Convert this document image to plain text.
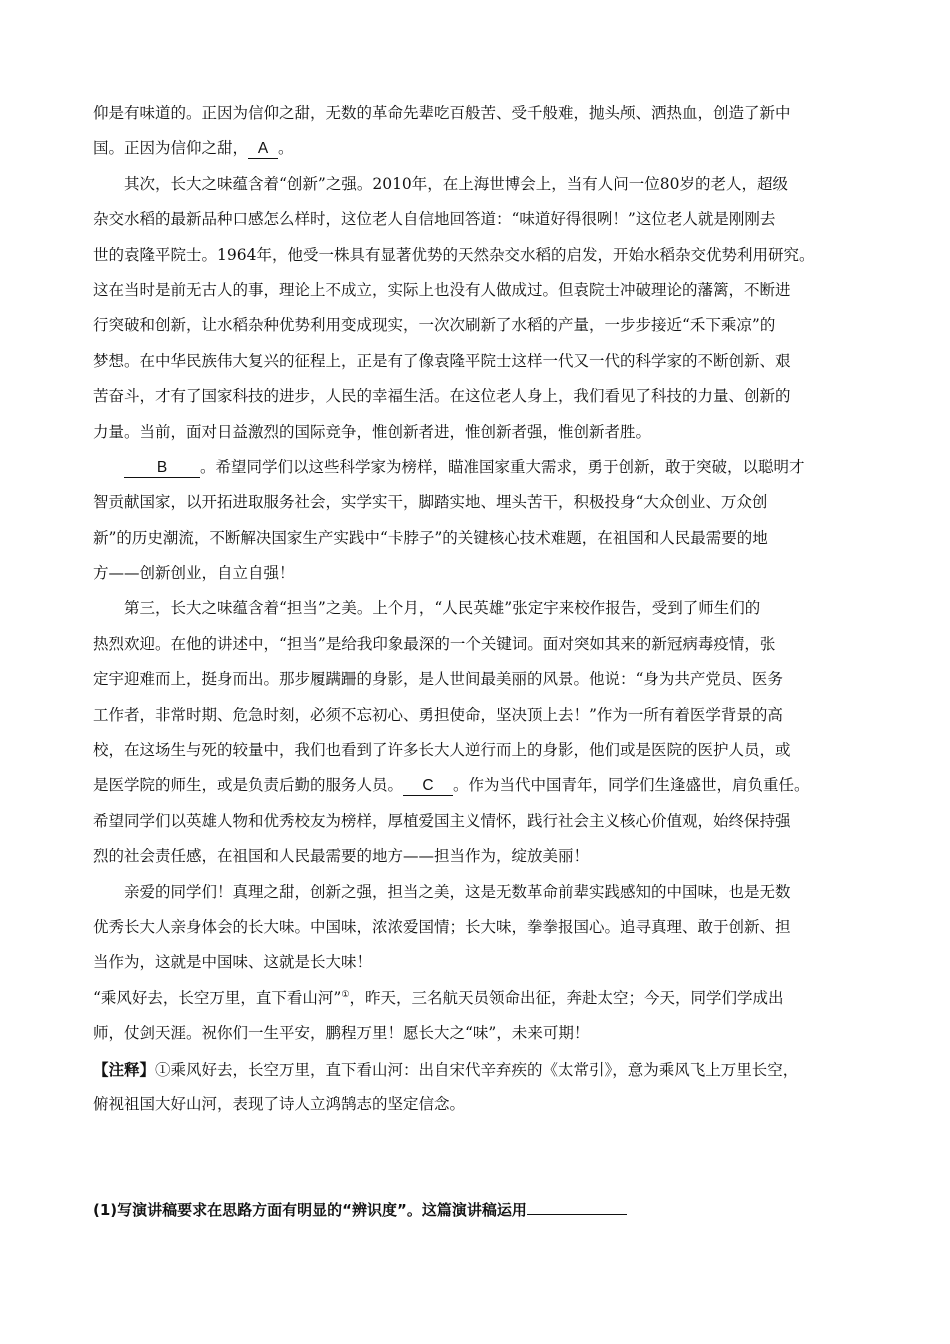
仰是有味道的。正因为信仰之甜，无数的革命先辈吃百般苦、受千般难，抛头颅、洒热血，创造了新中
国。正因为信仰之甜， A 。
其次，长大之味蕴含着“创新”之强。2010年，在上海世博会上，当有人问一位80岁的老人，超级
杂交水稻的最新品种口感怎么样时，这位老人自信地回答道：“味道好得很咧！”这位老人就是刚刚去
世的袁隆平院士。1964年，他受一株具有显著优势的天然杂交水稻的启发，开始水稻杂交优势利用研究。
这在当时是前无古人的事，理论上不成立，实际上也没有人做成过。但袁院士冲破理论的藩篱，不断进
行突破和创新，让水稻杂种优势利用变成现实，一次次刷新了水稻的产量，一步步接近“禾下乘凉”的
梦想。在中华民族伟大复兴的征程上，正是有了像袁隆平院士这样一代又一代的科学家的不断创新、艰
苦奋斗，才有了国家科技的进步，人民的幸福生活。在这位老人身上，我们看见了科技的力量、创新的
力量。当前，面对日益激烈的国际竞争，惟创新者进，惟创新者强，惟创新者胜。
B 。希望同学们以这些科学家为榜样，瞄准国家重大需求，勇于创新，敢于突破，以聪明才
智贡献国家，以开拓进取服务社会，实学实干，脚踏实地、埋头苦干，积极投身“大众创业、万众创
新”的历史潮流，不断解决国家生产实践中“卡脖子”的关键核心技术难题，在祖国和人民最需要的地
方——创新创业，自立自强！
第三，长大之味蕴含着“担当”之美。上个月，“人民英雄”张定宇来校作报告，受到了师生们的
热烈欢迎。在他的讲述中，“担当”是给我印象最深的一个关键词。面对突如其来的新冠病毒疫情，张
定宇迎难而上，挺身而出。那步履蹒跚的身影，是人世间最美丽的风景。他说：“身为共产党员、医务
工作者，非常时期、危急时刻，必须不忘初心、勇担使命，坚决顶上去！”作为一所有着医学背景的高
校，在这场生与死的较量中，我们也看到了许多长大人逆行而上的身影，他们或是医院的医护人员，或
是医学院的师生，或是负责后勤的服务人员。 C 。作为当代中国青年，同学们生逢盛世，肩负重任。
希望同学们以英雄人物和优秀校友为榜样，厚植爱国主义情怀，践行社会主义核心价值观，始终保持强
烈的社会责任感，在祖国和人民最需要的地方——担当作为，绽放美丽！
亲爱的同学们！真理之甜，创新之强，担当之美，这是无数革命前辈实践感知的中国味，也是无数
优秀长大人亲身体会的长大味。中国味，浓浓爱国情；长大味，拳拳报国心。追寻真理、敢于创新、担
当作为，这就是中国味、这就是长大味！
“乘风好去，长空万里，直下看山河”①，昨天，三名航天员领命出征，奔赴太空；今天，同学们学成出
师，仗剑天涯。祝你们一生平安，鹏程万里！愿长大之“味”，未来可期！
【注释】①乘风好去，长空万里，直下看山河：出自宋代辛弃疾的《太常引》，意为乘风飞上万里长空，
俯视祖国大好山河，表现了诗人立鸿鹄志的坚定信念。
(1)写演讲稿要求在思路方面有明显的“辨识度”。这篇演讲稿运用
